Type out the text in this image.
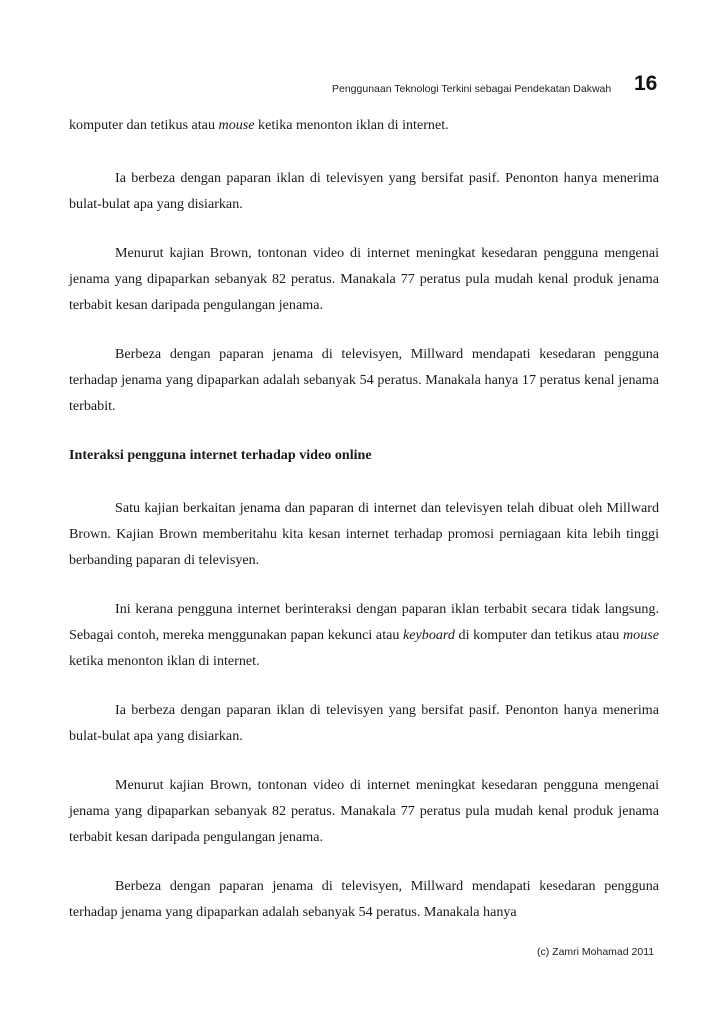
Penggunaan Teknologi Terkini sebagai Pendekatan Dakwah 16

komputer dan tetikus atau mouse ketika menonton iklan di internet.

Ia berbeza dengan paparan iklan di televisyen yang bersifat pasif. Penonton hanya menerima bulat-bulat apa yang disiarkan.

Menurut kajian Brown, tontonan video di internet meningkat kesedaran pengguna mengenai jenama yang dipaparkan sebanyak 82 peratus. Manakala 77 peratus pula mudah kenal produk jenama terbabit kesan daripada pengulangan jenama.

Berbeza dengan paparan jenama di televisyen, Millward mendapati kesedaran pengguna terhadap jenama yang dipaparkan adalah sebanyak 54 peratus. Manakala hanya 17 peratus kenal jenama terbabit.

Interaksi pengguna internet terhadap video online

Satu kajian berkaitan jenama dan paparan di internet dan televisyen telah dibuat oleh Millward Brown. Kajian Brown memberitahu kita kesan internet terhadap promosi perniagaan kita lebih tinggi berbanding paparan di televisyen.

Ini kerana pengguna internet berinteraksi dengan paparan iklan terbabit secara tidak langsung. Sebagai contoh, mereka menggunakan papan kekunci atau keyboard di komputer dan tetikus atau mouse ketika menonton iklan di internet.

Ia berbeza dengan paparan iklan di televisyen yang bersifat pasif. Penonton hanya menerima bulat-bulat apa yang disiarkan.

Menurut kajian Brown, tontonan video di internet meningkat kesedaran pengguna mengenai jenama yang dipaparkan sebanyak 82 peratus. Manakala 77 peratus pula mudah kenal produk jenama terbabit kesan daripada pengulangan jenama.

Berbeza dengan paparan jenama di televisyen, Millward mendapati kesedaran pengguna terhadap jenama yang dipaparkan adalah sebanyak 54 peratus. Manakala hanya

(c) Zamri Mohamad 2011
